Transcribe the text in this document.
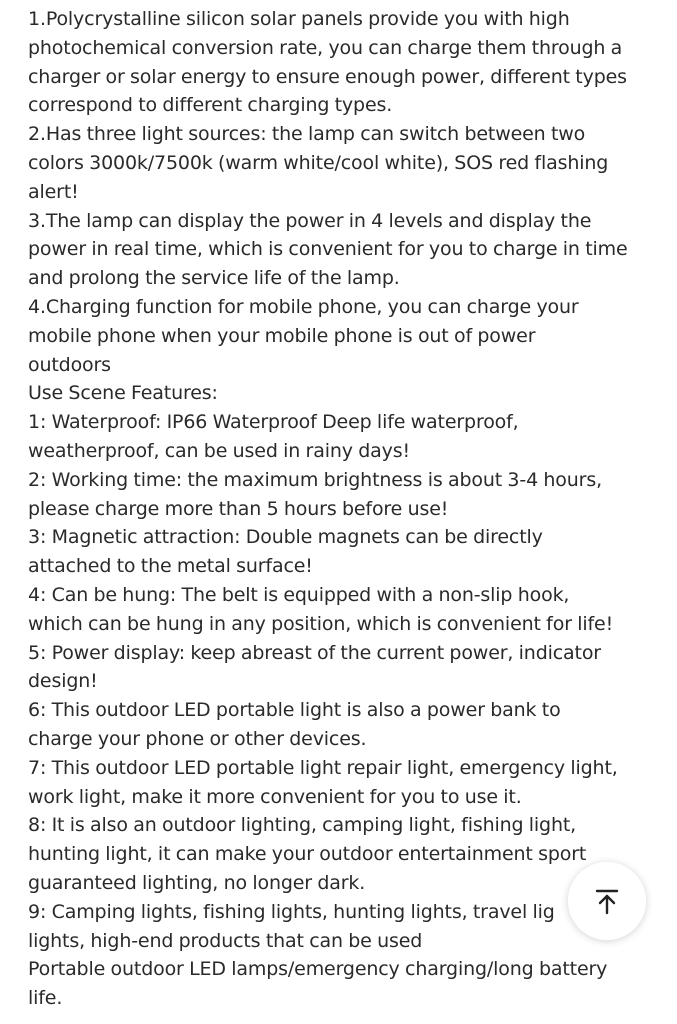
1.Polycrystalline silicon solar panels provide you with high
photochemical conversion rate, you can charge them through a
charger or solar energy to ensure enough power, different types
correspond to different charging types.
2.Has three light sources: the lamp can switch between two
colors 3000k/7500k (warm white/cool white), SOS red flashing
alert!
3.The lamp can display the power in 4 levels and display the
power in real time, which is convenient for you to charge in time
and prolong the service life of the lamp.
4.Charging function for mobile phone, you can charge your
mobile phone when your mobile phone is out of power
outdoors
Use Scene Features:
1: Waterproof: IP66 Waterproof Deep life waterproof,
weatherproof, can be used in rainy days!
2: Working time: the maximum brightness is about 3-4 hours,
please charge more than 5 hours before use!
3: Magnetic attraction: Double magnets can be directly
attached to the metal surface!
4: Can be hung: The belt is equipped with a non-slip hook,
which can be hung in any position, which is convenient for life!
5: Power display: keep abreast of the current power, indicator
design!
6: This outdoor LED portable light is also a power bank to
charge your phone or other devices.
7: This outdoor LED portable light repair light, emergency light,
work light, make it more convenient for you to use it.
8: It is also an outdoor lighting, camping light, fishing light,
hunting light, it can make your outdoor entertainment sport
guaranteed lighting, no longer dark.
9: Camping lights, fishing lights, hunting lights, travel lig
lights, high-end products that can be used
Portable outdoor LED lamps/emergency charging/long battery
life.
